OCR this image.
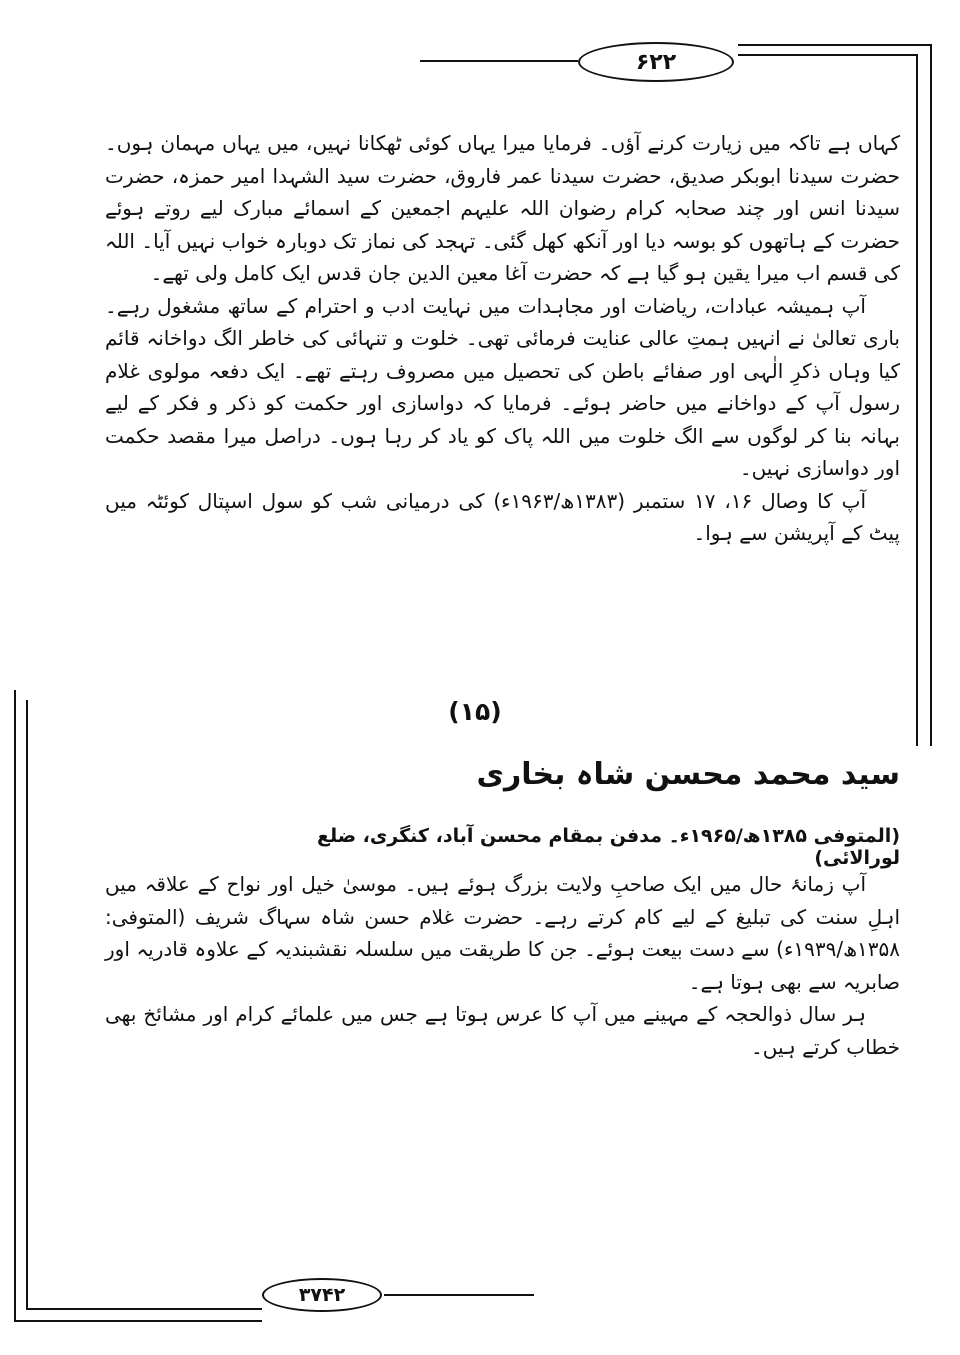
۶۲۲

کہاں ہے تاکہ میں زیارت کرنے آؤں۔ فرمایا میرا یہاں کوئی ٹھکانا نہیں، میں یہاں مہمان ہوں۔ حضرت سیدنا ابوبکر صدیق، حضرت سیدنا عمر فاروق، حضرت سید الشہدا امیر حمزہ، حضرت سیدنا انس اور چند صحابہ کرام رضوان اللہ علیہم اجمعین کے اسمائے مبارک لیے روتے ہوئے حضرت کے ہاتھوں کو بوسہ دیا اور آنکھ کھل گئی۔ تہجد کی نماز تک دوبارہ خواب نہیں آیا۔ اللہ کی قسم اب میرا یقین ہو گیا ہے کہ حضرت آغا معین الدین جان قدس ایک کامل ولی تھے۔

آپ ہمیشہ عبادات، ریاضات اور مجاہدات میں نہایت ادب و احترام کے ساتھ مشغول رہے۔ باری تعالیٰ نے انہیں ہمتِ عالی عنایت فرمائی تھی۔ خلوت و تنہائی کی خاطر الگ دواخانہ قائم کیا وہاں ذکرِ الٰہی اور صفائے باطن کی تحصیل میں مصروف رہتے تھے۔ ایک دفعہ مولوی غلام رسول آپ کے دواخانے میں حاضر ہوئے۔ فرمایا کہ دواسازی اور حکمت کو ذکر و فکر کے لیے بہانہ بنا کر لوگوں سے الگ خلوت میں اللہ پاک کو یاد کر رہا ہوں۔ دراصل میرا مقصد حکمت اور دواسازی نہیں۔

آپ کا وصال ۱۶، ۱۷ ستمبر (۱۳۸۳ھ/۱۹۶۳ء) کی درمیانی شب کو سول اسپتال کوئٹہ میں پیٹ کے آپریشن سے ہوا۔

(۱۵)
سید محمد محسن شاہ بخاری
(المتوفی ۱۳۸۵ھ/۱۹۶۵ء۔ مدفن بمقام محسن آباد، کنگری، ضلع لورالائی)

آپ زمانۂ حال میں ایک صاحبِ ولایت بزرگ ہوئے ہیں۔ موسیٰ خیل اور نواح کے علاقہ میں اہلِ سنت کی تبلیغ کے لیے کام کرتے رہے۔ حضرت غلام حسن شاہ سہاگ شریف (المتوفی: ۱۳۵۸ھ/۱۹۳۹ء) سے دست بیعت ہوئے۔ جن کا طریقت میں سلسلہ نقشبندیہ کے علاوہ قادریہ اور صابریہ سے بھی ہوتا ہے۔

ہر سال ذوالحجہ کے مہینے میں آپ کا عرس ہوتا ہے جس میں علمائے کرام اور مشائخ بھی خطاب کرتے ہیں۔

۳۷۴۲
